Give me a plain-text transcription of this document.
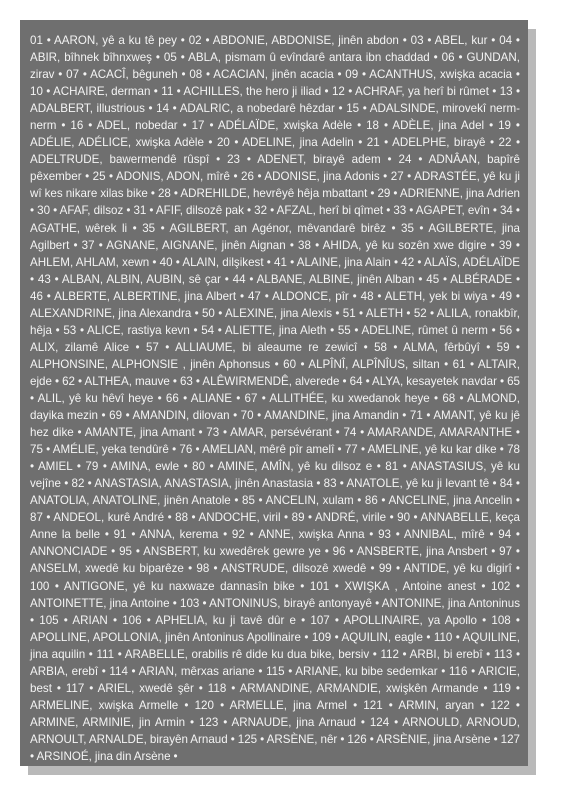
01 • AARON, yê a ku tê pey • 02 • ABDONIE, ABDONISE, jinên abdon • 03 • ABEL, kur • 04 • ABIR, bîhnek bîhnxweş • 05 • ABLA, pismam û evîndarê antara ibn chaddad • 06 • GUNDAN, zirav • 07 • ACACÎ, bêguneh • 08 • ACACIAN, jinên acacia • 09 • ACANTHUS, xwişka acacia • 10 • ACHAIRE, derman • 11 • ACHILLES, the hero ji iliad • 12 • ACHRAF, ya herî bi rûmet • 13 • ADALBERT, illustrious • 14 • ADALRIC, a nobedarê hêzdar • 15 • ADALSINDE, mirovekî nerm-nerm • 16 • ADEL, nobedar • 17 • ADÉLAÏDE, xwişka Adèle • 18 • ADÈLE, jina Adel • 19 • ADÉLIE, ADÉLICE, xwişka Adèle • 20 • ADELINE, jina Adelin • 21 • ADELPHE, birayê • 22 • ADELTRUDE, bawermendê rûspî • 23 • ADENET, birayê adem • 24 • ADNÂAN, bapîrê pêxember • 25 • ADONIS, ADON, mîrê • 26 • ADONISE, jina Adonis • 27 • ADRASTÉE, yê ku ji wî kes nikare xilas bike • 28 • ADREHILDE, hevrêyê hêja mbattant • 29 • ADRIENNE, jina Adrien • 30 • AFAF, dilsoz • 31 • AFIF, dilsozê pak • 32 • AFZAL, herî bi qîmet • 33 • AGAPET, evîn • 34 • AGATHE, wêrek li • 35 • AGILBERT, an Agénor, mêvandarê birêz • 35 • AGILBERTE, jina Agilbert • 37 • AGNANE, AIGNANE, jinên Aignan • 38 • AHIDA, yê ku sozên xwe digire • 39 • AHLEM, AHLAM, xewn • 40 • ALAIN, dilşikest • 41 • ALAINE, jina Alain • 42 • ALAÏS, ADÉLAÏDE • 43 • ALBAN, ALBIN, AUBIN, sê çar • 44 • ALBANE, ALBINE, jinên Alban • 45 • ALBÉRADE • 46 • ALBERTE, ALBERTINE, jina Albert • 47 • ALDONCE, pîr • 48 • ALETH, yek bi wiya • 49 • ALEXANDRINE, jina Alexandra • 50 • ALEXINE, jina Alexis • 51 • ALETH • 52 • ALILA, ronakbîr, hêja • 53 • ALICE, rastiya kevn • 54 • ALIETTE, jina Aleth • 55 • ADELINE, rûmet û nerm • 56 • ALIX, zilamê Alice • 57 • ALLIAUME, bi aleaume re zewicî • 58 • ALMA, fêrbûyî • 59 • ALPHONSINE, ALPHONSIE , jinên Aphonsus • 60 • ALPÎNÎ, ALPÎNÎUS, siltan • 61 • ALTAIR, ejde • 62 • ALTHEA, mauve • 63 • ALÊWIRMENDÊ, alverede • 64 • ALYA, kesayetek navdar • 65 • ALIL, yê ku hêvî heye • 66 • ALIANE • 67 • ALLITHÉE, ku xwedanok heye • 68 • ALMOND, dayika mezin • 69 • AMANDIN, dilovan • 70 • AMANDINE, jina Amandin • 71 • AMANT, yê ku jê hez dike • AMANTE, jina Amant • 73 • AMAR, persévérant • 74 • AMARANDE, AMARANTHE • 75 • AMÉLIE, yeka tendûrê • 76 • AMELIAN, mêrê pîr amelî • 77 • AMELINE, yê ku kar dike • 78 • AMIEL • 79 • AMINA, ewle • 80 • AMINE, AMÎN, yê ku dilsoz e • 81 • ANASTASIUS, yê ku vejîne • 82 • ANASTASIA, ANASTASIA, jinên Anastasia • 83 • ANATOLE, yê ku ji levant tê • 84 • ANATOLIA, ANATOLINE, jinên Anatole • 85 • ANCELIN, xulam • 86 • ANCELINE, jina Ancelin • 87 • ANDEOL, kurê André • 88 • ANDOCHE, viril • 89 • ANDRÉ, virile • 90 • ANNABELLE, keça Anne la belle • 91 • ANNA, keremа • 92 • ANNE, xwişka Anna • 93 • ANNIBAL, mîrê • 94 • ANNONCIADE • 95 • ANSBERT, ku xwedêrek gewre ye • 96 • ANSBERTE, jina Ansbert • 97 • ANSELM, xwedê ku biparêze • 98 • ANSTRUDE, dilsozê xwedê • 99 • ANTIDE, yê ku digirî • 100 • ANTIGONE, yê ku naxwaze dannasîn bike • 101 • XWIŞKA , Antoine anest • 102 • ANTOINETTE, jina Antoine • 103 • ANTONINUS, birayê antonyayê • ANTONINE, jina Antoninus • 105 • ARIAN • 106 • APHELIA, ku ji tavê dûr e • 107 • APOLLINAIRE, ya Apollo • 108 • APOLLINE, APOLLONIA, jinên Antoninus Apollinaire • 109 • AQUILIN, eagle • 110 • AQUILINE, jina aquilin • 111 • ARABELLE, orabilis rê dide ku dua bike, bersiv • 112 • ARBI, bi erebî • 113 • ARBIA, erebî • 114 • ARIAN, mêrxas ariane • 115 • ARIANE, ku bibe sedemkar • 116 • ARICIE, best • 117 • ARIEL, xwedê şêr • 118 • ARMANDINE, ARMANDIE, xwişkên Armande • 119 • ARMELINE, xwişka Armelle • 120 • ARMELLE, jina Armel • 121 • ARMIN, aryan • 122 • ARMINE, ARMINIE, jin Armin • 123 • ARNAUDE, jina Arnaud • 124 • ARNOULD, ARNOUD, ARNOULT, ARNALDE, birayên Arnaud • 125 • ARSÈNE, nêr • 126 • ARSÈNIE, jina Arsène • 127 • ARSINOÉ, jina din Arsène •
